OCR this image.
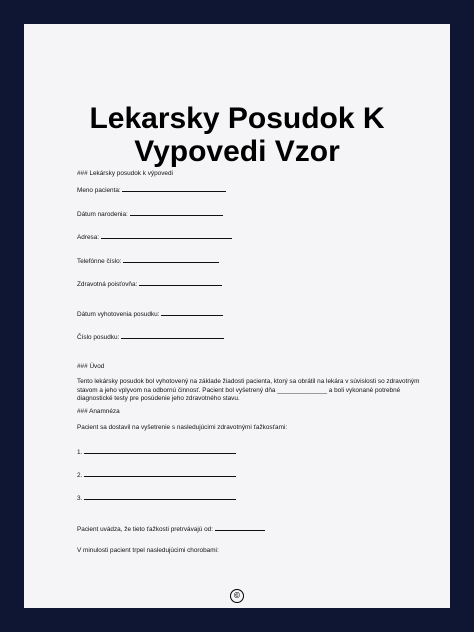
Lekarsky Posudok K
Vypovedi Vzor
### Lekársky posudok k výpovedi
Meno pacienta:
Dátum narodenia:
Adresa:
Telefónne číslo:
Zdravotná poisťovňa:
Dátum vyhotovenia posudku:
Číslo posudku:
### Úvod
Tento lekársky posudok bol vyhotovený na základe žiadosti pacienta, ktorý sa obrátil na lekára v súvislosti so zdravotným stavom a jeho vplyvom na odbornú činnosť. Pacient bol vyšetrený dňa ______________ a boli vykonané potrebné diagnostické testy pre posúdenie jeho zdravotného stavu.
### Anamnéza
Pacient sa dostavil na vyšetrenie s nasledujúcimi zdravotnými ťažkosťami:
1.
2.
3.
Pacient uvádza, že tieto ťažkosti pretrvávajú od:
V minulosti pacient trpel nasledujúcimi chorobami:
©
